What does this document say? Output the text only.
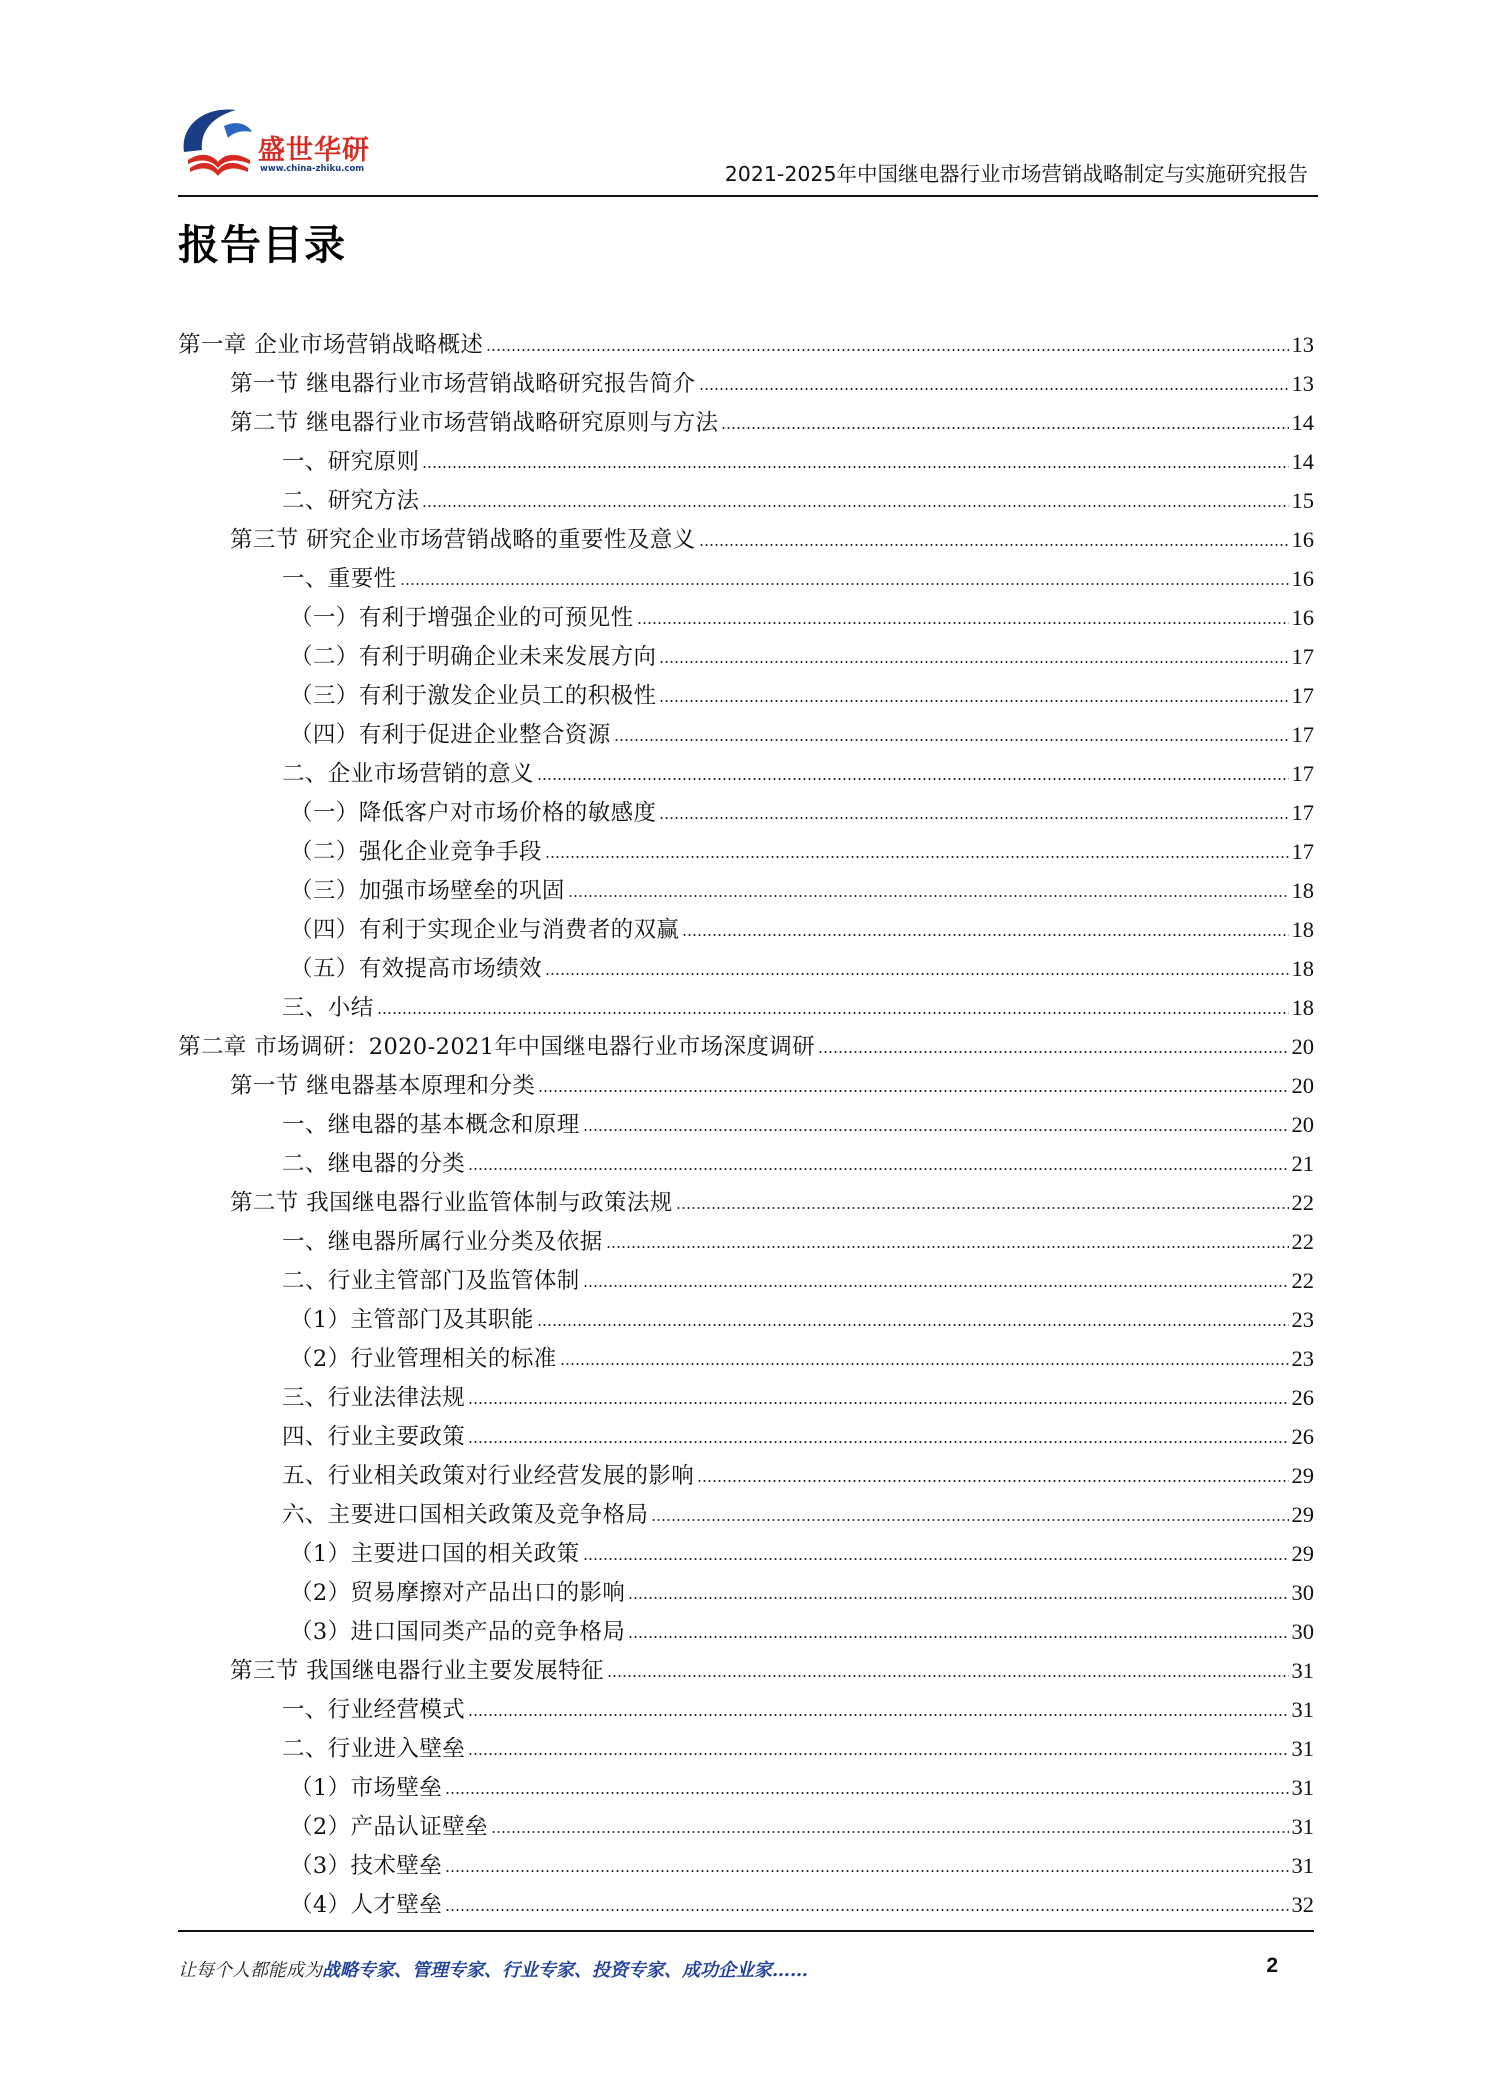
盛世华研
www.china-zhiku.com	2021-2025年中国继电器行业市场营销战略制定与实施研究报告
报告目录
第一章 企业市场营销战略概述	13
第一节 继电器行业市场营销战略研究报告简介	13
第二节 继电器行业市场营销战略研究原则与方法	14
一、研究原则	14
二、研究方法	15
第三节 研究企业市场营销战略的重要性及意义	16
一、重要性	16
（一）有利于增强企业的可预见性	16
（二）有利于明确企业未来发展方向	17
（三）有利于激发企业员工的积极性	17
（四）有利于促进企业整合资源	17
二、企业市场营销的意义	17
（一）降低客户对市场价格的敏感度	17
（二）强化企业竞争手段	17
（三）加强市场壁垒的巩固	18
（四）有利于实现企业与消费者的双赢	18
（五）有效提高市场绩效	18
三、小结	18
第二章 市场调研：2020-2021年中国继电器行业市场深度调研	20
第一节 继电器基本原理和分类	20
一、继电器的基本概念和原理	20
二、继电器的分类	21
第二节 我国继电器行业监管体制与政策法规	22
一、继电器所属行业分类及依据	22
二、行业主管部门及监管体制	22
（1）主管部门及其职能	23
（2）行业管理相关的标准	23
三、行业法律法规	26
四、行业主要政策	26
五、行业相关政策对行业经营发展的影响	29
六、主要进口国相关政策及竞争格局	29
（1）主要进口国的相关政策	29
（2）贸易摩擦对产品出口的影响	30
（3）进口国同类产品的竞争格局	30
第三节 我国继电器行业主要发展特征	31
一、行业经营模式	31
二、行业进入壁垒	31
（1）市场壁垒	31
（2）产品认证壁垒	31
（3）技术壁垒	31
（4）人才壁垒	32
让每个人都能成为战略专家、管理专家、行业专家、投资专家、成功企业家……	2
